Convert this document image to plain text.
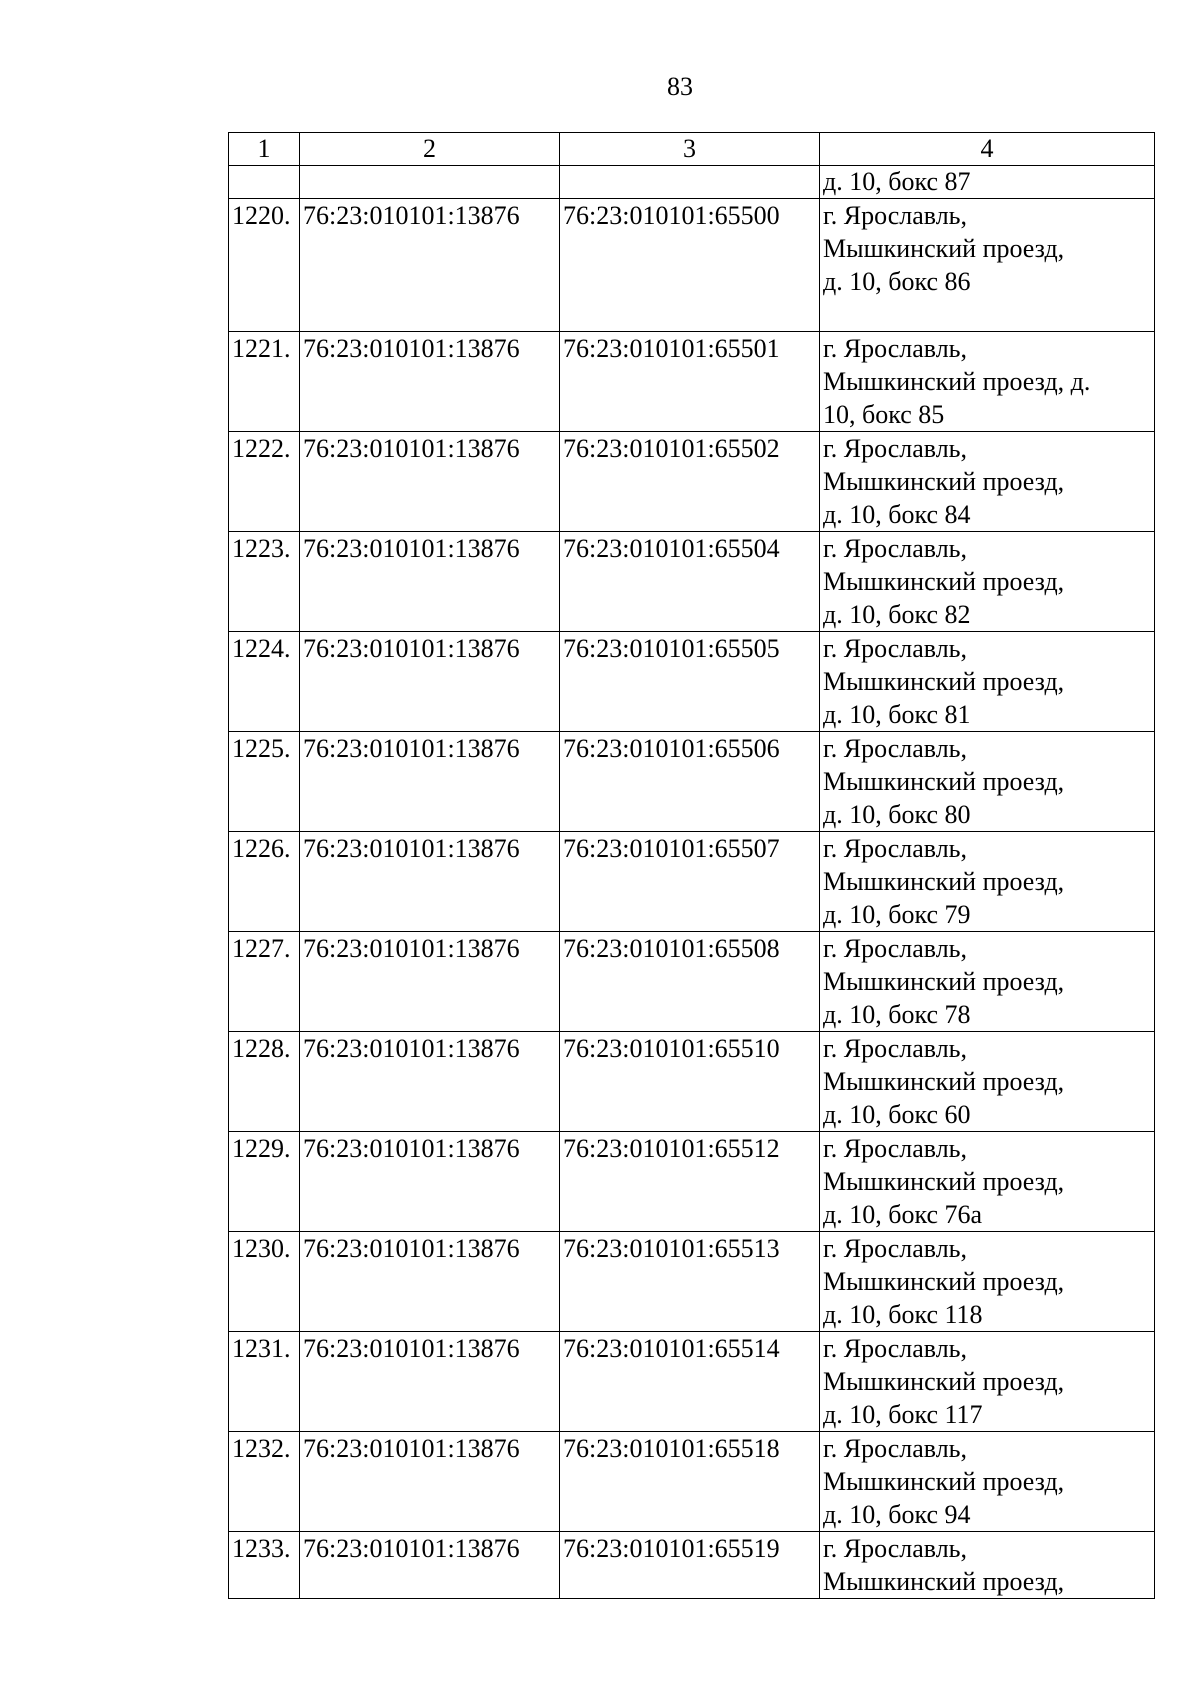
83
1	2	3	4

			д. 10, бокс 87

1220.	76:23:010101:13876	76:23:010101:65500	г. Ярославль,
Мышкинский проезд,
д. 10, бокс 86

1221.	76:23:010101:13876	76:23:010101:65501	г. Ярославль,
Мышкинский проезд, д.
10, бокс 85

1222.	76:23:010101:13876	76:23:010101:65502	г. Ярославль,
Мышкинский проезд,
д. 10, бокс 84

1223.	76:23:010101:13876	76:23:010101:65504	г. Ярославль,
Мышкинский проезд,
д. 10, бокс 82

1224.	76:23:010101:13876	76:23:010101:65505	г. Ярославль,
Мышкинский проезд,
д. 10, бокс 81

1225.	76:23:010101:13876	76:23:010101:65506	г. Ярославль,
Мышкинский проезд,
д. 10, бокс 80

1226.	76:23:010101:13876	76:23:010101:65507	г. Ярославль,
Мышкинский проезд,
д. 10, бокс 79

1227.	76:23:010101:13876	76:23:010101:65508	г. Ярославль,
Мышкинский проезд,
д. 10, бокс 78

1228.	76:23:010101:13876	76:23:010101:65510	г. Ярославль,
Мышкинский проезд,
д. 10, бокс 60

1229.	76:23:010101:13876	76:23:010101:65512	г. Ярославль,
Мышкинский проезд,
д. 10, бокс 76а

1230.	76:23:010101:13876	76:23:010101:65513	г. Ярославль,
Мышкинский проезд,
д. 10, бокс 118

1231.	76:23:010101:13876	76:23:010101:65514	г. Ярославль,
Мышкинский проезд,
д. 10, бокс 117

1232.	76:23:010101:13876	76:23:010101:65518	г. Ярославль,
Мышкинский проезд,
д. 10, бокс 94

1233.	76:23:010101:13876	76:23:010101:65519	г. Ярославль,
Мышкинский проезд,
